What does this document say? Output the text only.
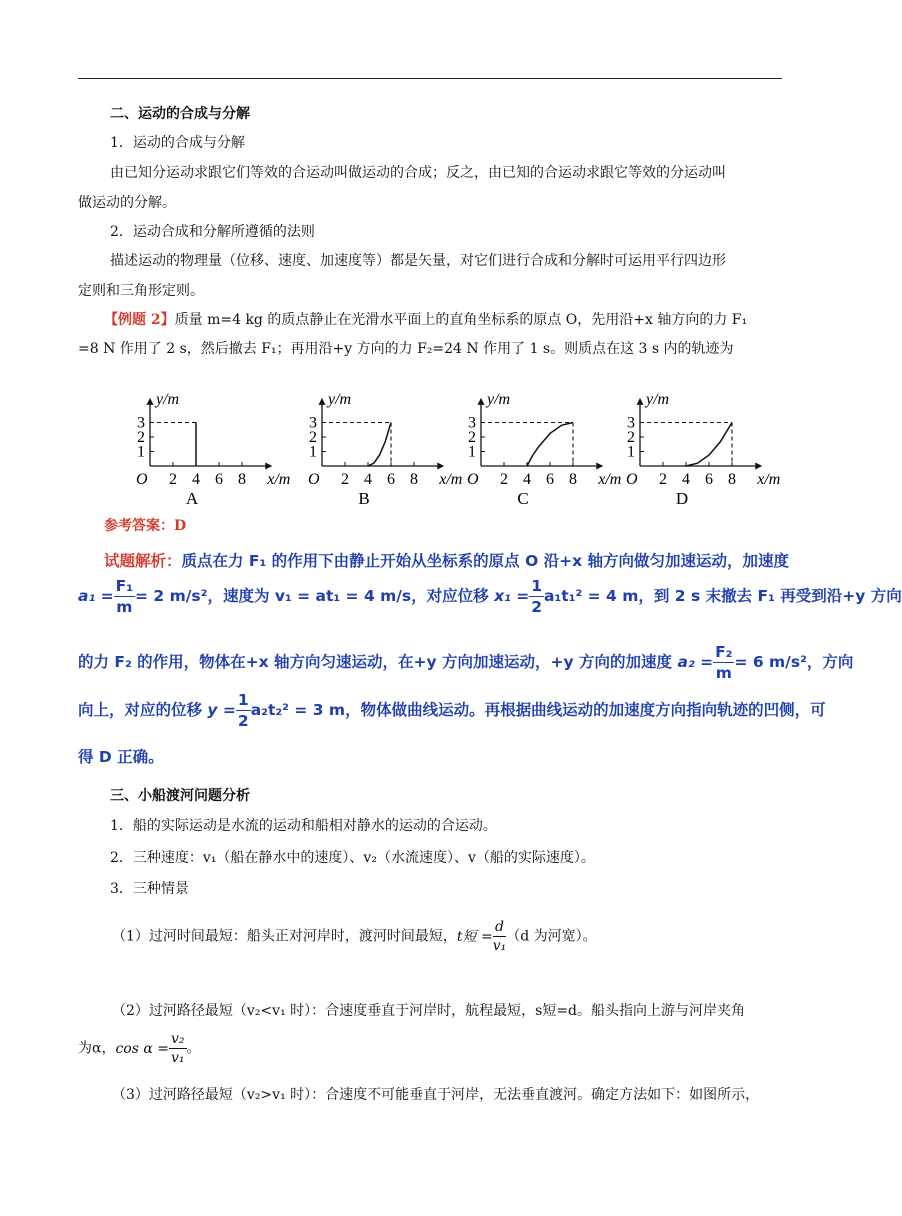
二、运动的合成与分解
1．运动的合成与分解
由已知分运动求跟它们等效的合运动叫做运动的合成；反之，由已知的合运动求跟它等效的分运动叫
做运动的分解。
2．运动合成和分解所遵循的法则
描述运动的物理量（位移、速度、加速度等）都是矢量，对它们进行合成和分解时可运用平行四边形
定则和三角形定则。
【例题 2】质量 m=4 kg 的质点静止在光滑水平面上的直角坐标系的原点 O，先用沿+x 轴方向的力 F₁
=8 N 作用了 2 s，然后撤去 F₁；再用沿+y 方向的力 F₂=24 N 作用了 1 s。则质点在这 3 s 内的轨迹为
y/m
O 2 4 6 8 x/m
1
2
3
A
y/m
O 2 4 6 8 x/m
1
2
3
B
y/m
O 2 4 6 8 x/m
1
2
3
C
y/m
O 2 4 6 8 x/m
1
2
3
D
参考答案：D
试题解析：质点在力 F₁ 的作用下由静止开始从坐标系的原点 O 沿+x 轴方向做匀加速运动，加速度
$a_1 = \frac{\text{F₁}}{m} = 2$ m/s²，速度为 v₁ = at₁ = 4 m/s，对应位移 $x_1 = \frac{1}{2} a_1t_1^2 = 4$ m，到 2 s 末撤去 F₁ 再受到沿+y 方向
的力 F₂ 的作用，物体在+x 轴方向匀速运动，在+y 方向加速运动，+y 方向的加速度 $a_2 = \frac{\text{F₂}}{m} = 6$ m/s²，方向
向上，对应的位移 $y = \frac{1}{2} a_2t_2^2 = 3$ m，物体做曲线运动。再根据曲线运动的加速度方向指向轨迹的凹侧，可
得 D 正确。
三、小船渡河问题分析
1．船的实际运动是水流的运动和船相对静水的运动的合运动。
2．三种速度：v₁（船在静水中的速度）、v₂（水流速度）、v（船的实际速度）。
3．三种情景
（1）过河时间最短：船头正对河岸时，渡河时间最短，t短 = $\frac{d}{\text{v₁}} (d$ 为河宽）。
（2）过河路径最短（v₂<v₁ 时）：合速度垂直于河岸时，航程最短，s短=d。船头指向上游与河岸夹角
为α，$\cos \alpha = \frac{\text{v₂}}{\text{v₁}}$ 。
（3）过河路径最短（v₂>v₁ 时）：合速度不可能垂直于河岸，无法垂直渡河。确定方法如下：如图所示，
